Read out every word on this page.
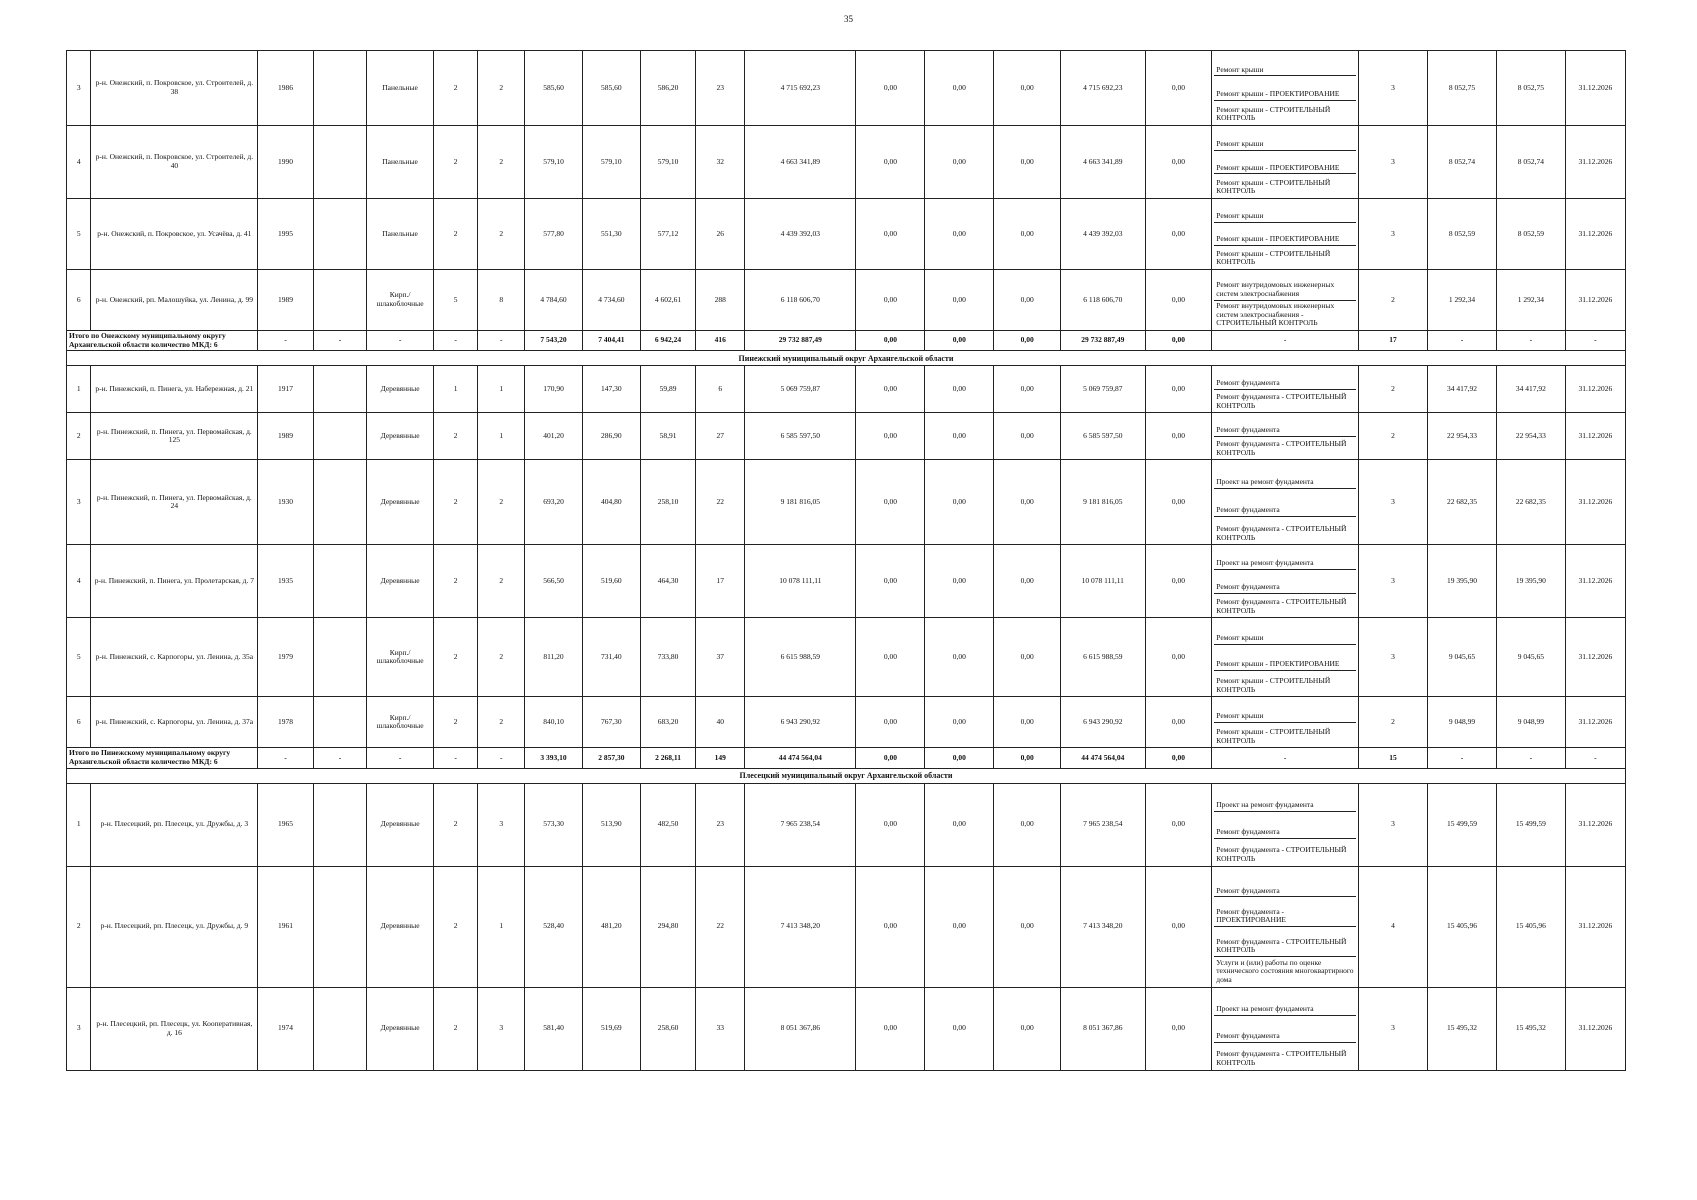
35
3	р-н. Онежский, п. Покровское, ул. Строителей, д. 38	1986		Панельные	2	2	585,60	585,60	586,20	23	4 715 692,23	0,00	0,00	0,00	4 715 692,23	0,00	Ремонт крыши
Ремонт крыши - ПРОЕКТИРОВАНИЕ
Ремонт крыши - СТРОИТЕЛЬНЫЙ КОНТРОЛЬ	3	8 052,75	8 052,75	31.12.2026
4	р-н. Онежский, п. Покровское, ул. Строителей, д. 40	1990		Панельные	2	2	579,10	579,10	579,10	32	4 663 341,89	0,00	0,00	0,00	4 663 341,89	0,00	Ремонт крыши
Ремонт крыши - ПРОЕКТИРОВАНИЕ
Ремонт крыши - СТРОИТЕЛЬНЫЙ КОНТРОЛЬ	3	8 052,74	8 052,74	31.12.2026
5	р-н. Онежский, п. Покровское, ул. Усачёва, д. 41	1995		Панельные	2	2	577,80	551,30	577,12	26	4 439 392,03	0,00	0,00	0,00	4 439 392,03	0,00	Ремонт крыши
Ремонт крыши - ПРОЕКТИРОВАНИЕ
Ремонт крыши - СТРОИТЕЛЬНЫЙ КОНТРОЛЬ	3	8 052,59	8 052,59	31.12.2026
6	р-н. Онежский, рп. Малошуйка, ул. Ленина, д. 99	1989		Кирп./шлакоблочные	5	8	4 784,60	4 734,60	4 602,61	288	6 118 606,70	0,00	0,00	0,00	6 118 606,70	0,00	Ремонт внутридомовых инженерных систем электроснабжения
Ремонт внутридомовых инженерных систем электроснабжения - СТРОИТЕЛЬНЫЙ КОНТРОЛЬ	2	1 292,34	1 292,34	31.12.2026
Итого по Онежскому муниципальному округу Архангельской области количество МКД: 6		-	-	-	-	-	7 543,20	7 404,41	6 942,24	416	29 732 887,49	0,00	0,00	0,00	29 732 887,49	0,00	-	17	-	-	-
Пинежский муниципальный округ Архангельской области																					
1	р-н. Пинежский, п. Пинега, ул. Набережная, д. 21	1917		Деревянные	1	1	170,90	147,30	59,89	6	5 069 759,87	0,00	0,00	0,00	5 069 759,87	0,00	Ремонт фундамента
Ремонт фундамента - СТРОИТЕЛЬНЫЙ КОНТРОЛЬ	2	34 417,92	34 417,92	31.12.2026
2	р-н. Пинежский, п. Пинега, ул. Первомайская, д. 125	1989		Деревянные	2	1	401,20	286,90	58,91	27	6 585 597,50	0,00	0,00	0,00	6 585 597,50	0,00	Ремонт фундамента
Ремонт фундамента - СТРОИТЕЛЬНЫЙ КОНТРОЛЬ	2	22 954,33	22 954,33	31.12.2026
3	р-н. Пинежский, п. Пинега, ул. Первомайская, д. 24	1930		Деревянные	2	2	693,20	404,80	258,10	22	9 181 816,05	0,00	0,00	0,00	9 181 816,05	0,00	Проект на ремонт фундамента
Ремонт фундамента
Ремонт фундамента - СТРОИТЕЛЬНЫЙ КОНТРОЛЬ	3	22 682,35	22 682,35	31.12.2026
4	р-н. Пинежский, п. Пинега, ул. Пролетарская, д. 7	1935		Деревянные	2	2	566,50	519,60	464,30	17	10 078 111,11	0,00	0,00	0,00	10 078 111,11	0,00	Проект на ремонт фундамента
Ремонт фундамента
Ремонт фундамента - СТРОИТЕЛЬНЫЙ КОНТРОЛЬ	3	19 395,90	19 395,90	31.12.2026
5	р-н. Пинежский, с. Карпогоры, ул. Ленина, д. 35а	1979		Кирп./шлакоблочные	2	2	811,20	731,40	733,80	37	6 615 988,59	0,00	0,00	0,00	6 615 988,59	0,00	Ремонт крыши
Ремонт крыши - ПРОЕКТИРОВАНИЕ
Ремонт крыши - СТРОИТЕЛЬНЫЙ КОНТРОЛЬ	3	9 045,65	9 045,65	31.12.2026
6	р-н. Пинежский, с. Карпогоры, ул. Ленина, д. 37а	1978		Кирп./шлакоблочные	2	2	840,10	767,30	683,20	40	6 943 290,92	0,00	0,00	0,00	6 943 290,92	0,00	Ремонт крыши
Ремонт крыши - СТРОИТЕЛЬНЫЙ КОНТРОЛЬ	2	9 048,99	9 048,99	31.12.2026
Итого по Пинежскому муниципальному округу Архангельской области количество МКД: 6		-	-	-	-	-	3 393,10	2 857,30	2 268,11	149	44 474 564,04	0,00	0,00	0,00	44 474 564,04	0,00	-	15	-	-	-
Плесецкий муниципальный округ Архангельской области																					
1	р-н. Плесецкий, рп. Плесецк, ул. Дружбы, д. 3	1965		Деревянные	2	3	573,30	513,90	482,50	23	7 965 238,54	0,00	0,00	0,00	7 965 238,54	0,00	Проект на ремонт фундамента
Ремонт фундамента
Ремонт фундамента - СТРОИТЕЛЬНЫЙ КОНТРОЛЬ	3	15 499,59	15 499,59	31.12.2026
2	р-н. Плесецкий, рп. Плесецк, ул. Дружбы, д. 9	1961		Деревянные	2	1	528,40	481,20	294,80	22	7 413 348,20	0,00	0,00	0,00	7 413 348,20	0,00	Ремонт фундамента
Ремонт фундамента - ПРОЕКТИРОВАНИЕ
Ремонт фундамента - СТРОИТЕЛЬНЫЙ КОНТРОЛЬ
Услуги и (или) работы по оценке технического состояния многоквартирного дома	4	15 405,96	15 405,96	31.12.2026
3	р-н. Плесецкий, рп. Плесецк, ул. Кооперативная, д. 16	1974		Деревянные	2	3	581,40	519,69	258,60	33	8 051 367,86	0,00	0,00	0,00	8 051 367,86	0,00	Проект на ремонт фундамента
Ремонт фундамента
Ремонт фундамента - СТРОИТЕЛЬНЫЙ КОНТРОЛЬ	3	15 495,32	15 495,32	31.12.2026
